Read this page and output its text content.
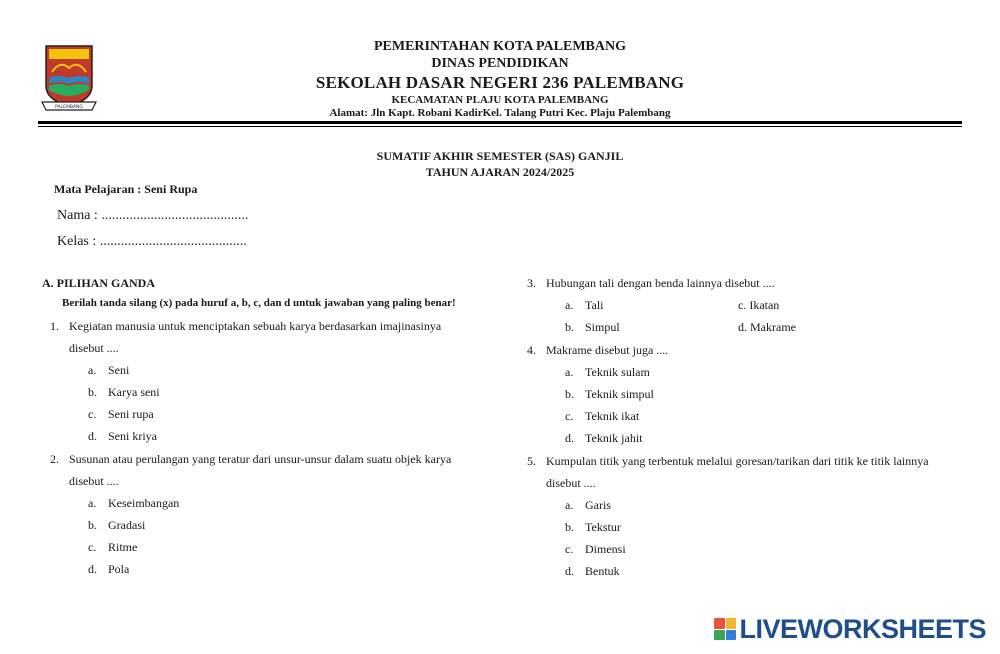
PALEMBANG
PEMERINTAHAN KOTA PALEMBANG
DINAS PENDIDIKAN
SEKOLAH DASAR NEGERI 236 PALEMBANG
KECAMATAN PLAJU KOTA PALEMBANG
Alamat: Jln Kapt. Robani KadirKel. Talang Putri Kec. Plaju Palembang
SUMATIF AKHIR SEMESTER (SAS) GANJIL
TAHUN AJARAN 2024/2025
Mata Pelajaran : Seni Rupa
Nama : ..........................................
Kelas : ..........................................
A. PILIHAN GANDA
Berilah tanda silang (x) pada huruf a, b, c, dan d untuk jawaban yang paling benar!
1. Kegiatan manusia untuk menciptakan sebuah karya berdasarkan imajinasinya
disebut ....
a. Seni
b. Karya seni
c. Seni rupa
d. Seni kriya
2. Susunan atau perulangan yang teratur dari unsur-unsur dalam suatu objek karya
disebut ....
a. Keseimbangan
b. Gradasi
c. Ritme
d. Pola
3. Hubungan tali dengan benda lainnya disebut ....
a. Tali	c. Ikatan
b. Simpul	d. Makrame
4. Makrame disebut juga ....
a. Teknik sulam
b. Teknik simpul
c. Teknik ikat
d. Teknik jahit
5. Kumpulan titik yang terbentuk melalui goresan/tarikan dari titik ke titik lainnya
disebut ....
a. Garis
b. Tekstur
c. Dimensi
d. Bentuk
LIVEWORKSHEETS
